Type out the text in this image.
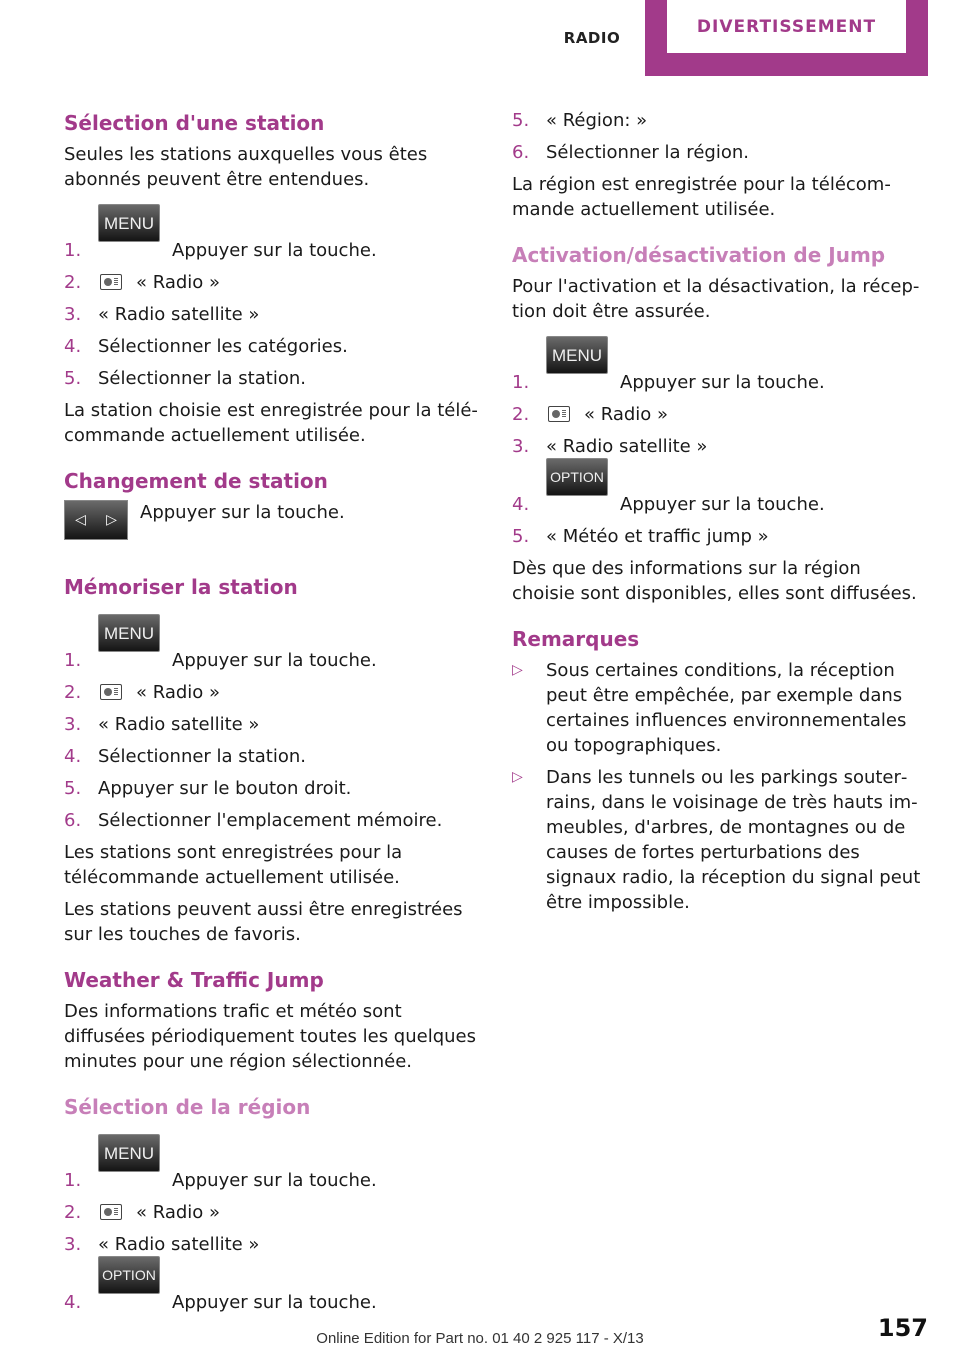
RADIO
DIVERTISSEMENT
Sélection d'une station

Seules les stations auxquelles vous êtes abonnés peuvent être entendues.

1.
MENU
Appuyer sur la touche.
2.	« Radio »
3. « Radio satellite »
4. Sélectionner les catégories.
5. Sélectionner la station.

La station choisie est enregistrée pour la télécommande actuellement utilisée.

Changement de station
◁ ▷ Appuyer sur la touche.
Mémoriser la station
1.
MENU
Appuyer sur la touche.
2.	« Radio »
3. « Radio satellite »
4. Sélectionner la station.
5. Appuyer sur le bouton droit.
6. Sélectionner l'emplacement mémoire.

Les stations sont enregistrées pour la télécommande actuellement utilisée.

Les stations peuvent aussi être enregistrées sur les touches de favoris.

Weather & Traffic Jump

Des informations trafic et météo sont diffusées périodiquement toutes les quelques minutes pour une région sélectionnée.

Sélection de la région
1.
MENU
Appuyer sur la touche.
2.	« Radio »
3. « Radio satellite »
4.
OPTION
Appuyer sur la touche.
5. « Région: »
6. Sélectionner la région.

La région est enregistrée pour la télécommande actuellement utilisée.

Activation/désactivation de Jump

Pour l'activation et la désactivation, la réception doit être assurée.

1.
MENU
Appuyer sur la touche.
2.	« Radio »
3. « Radio satellite »
4.
OPTION
Appuyer sur la touche.
5. « Météo et traffic jump »

Dès que des informations sur la région choisie sont disponibles, elles sont diffusées.

Remarques
▷ Sous certaines conditions, la réception peut être empêchée, par exemple dans certaines influences environnementales ou topographiques.
▷ Dans les tunnels ou les parkings souterrains, dans le voisinage de très hauts immeubles, d'arbres, de montagnes ou de causes de fortes perturbations des signaux radio, la réception du signal peut être impossible.
157
Online Edition for Part no. 01 40 2 925 117 - X/13
